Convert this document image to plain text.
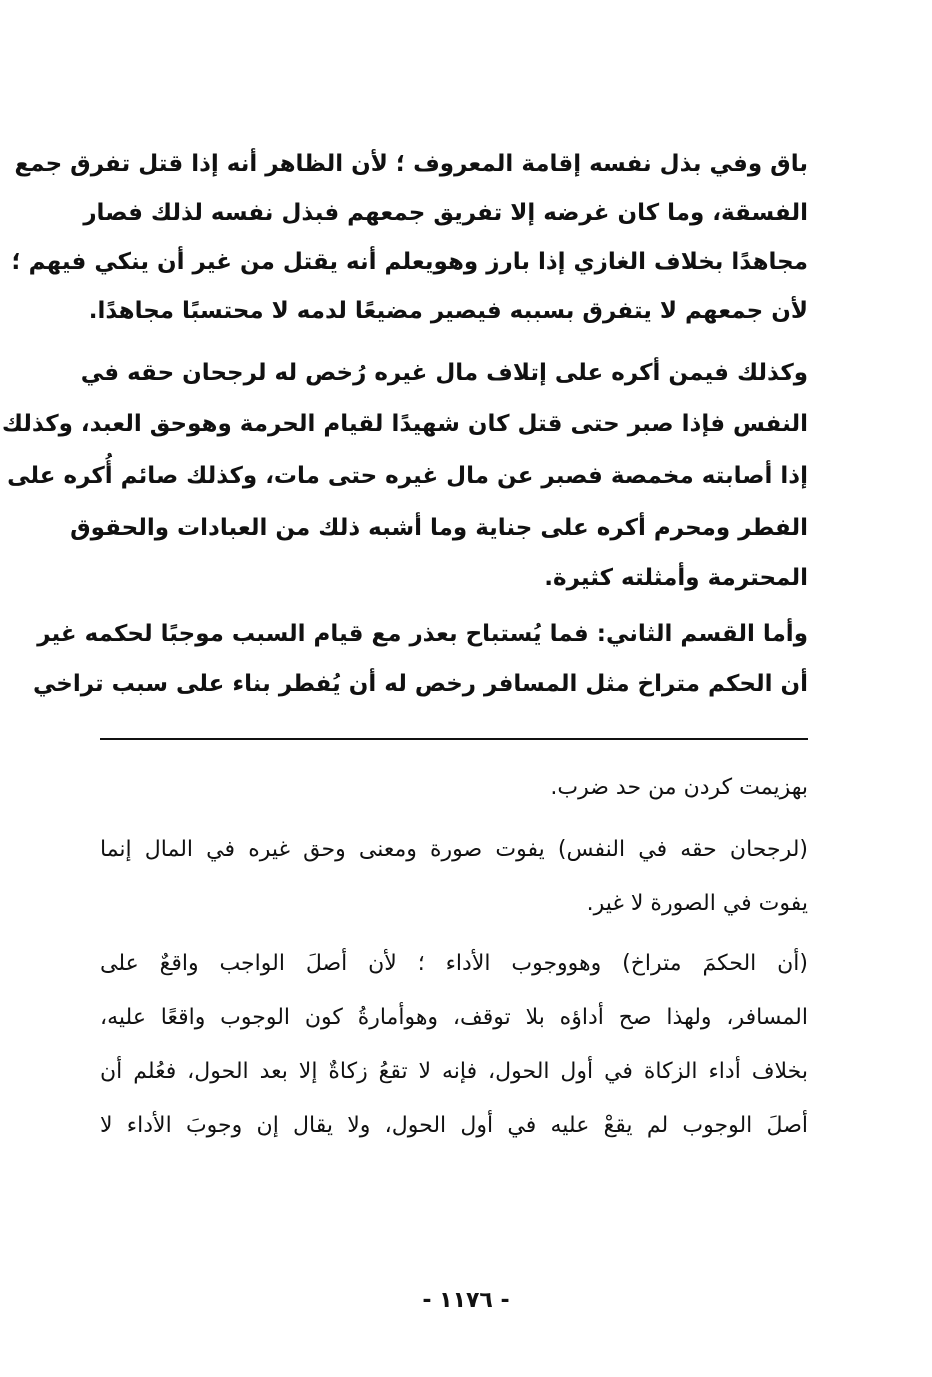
باق وفي بذل نفسه إقامة المعروف ؛ لأن الظاهر أنه إذا قتل تفرق جمع
الفسقة، وما كان غرضه إلا تفريق جمعهم فبذل نفسه لذلك فصار
مجاهدًا بخلاف الغازي إذا بارز وهويعلم أنه يقتل من غير أن ينكي فيهم ؛
لأن جمعهم لا يتفرق بسببه فيصير مضيعًا لدمه لا محتسبًا مجاهدًا.
وكذلك فيمن أكره على إتلاف مال غيره رُخص له لرجحان حقه في
النفس فإذا صبر حتى قتل كان شهيدًا لقيام الحرمة وهوحق العبد، وكذلك
إذا أصابته مخمصة فصبر عن مال غيره حتى مات، وكذلك صائم أُكره على
الفطر ومحرم أكره على جناية وما أشبه ذلك من العبادات والحقوق
المحترمة وأمثلته كثيرة.
وأما القسم الثاني: فما يُستباح بعذر مع قيام السبب موجبًا لحكمه غير
أن الحكم متراخ مثل المسافر رخص له أن يُفطر بناء على سبب تراخي
بهزيمت كردن من حد ضرب.
(لرجحان حقه في النفس) يفوت صورة ومعنى وحق غيره في المال إنما
يفوت في الصورة لا غير.
(أن الحكمَ متراخ) وهووجوب الأداء ؛ لأن أصلَ الواجب واقعٌ على
المسافر، ولهذا صح أداؤه بلا توقف، وهوأمارةُ كون الوجوب واقعًا عليه،
بخلاف أداء الزكاة في أول الحول، فإنه لا تقعُ زكاةٌ إلا بعد الحول، فعُلم أن
أصلَ الوجوب لم يقعْ عليه في أول الحول، ولا يقال إن وجوبَ الأداء لا
- ١١٧٦ -
